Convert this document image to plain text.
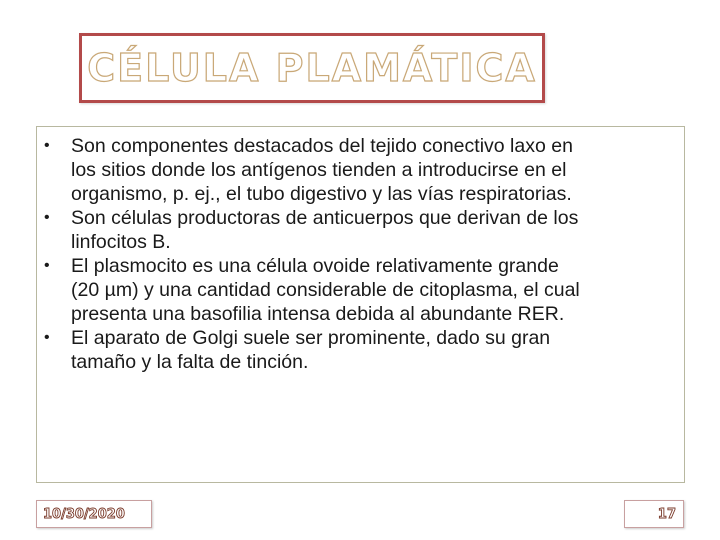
CÉLULA PLAMÁTICA
• Son componentes destacados del tejido conectivo laxo en
los sitios donde los antígenos tienden a introducirse en el
organismo, p. ej., el tubo digestivo y las vías respiratorias.
• Son células productoras de anticuerpos que derivan de los
linfocitos B.
• El plasmocito es una célula ovoide relativamente grande
(20 µm) y una cantidad considerable de citoplasma, el cual
presenta una basofilia intensa debida al abundante RER.
• El aparato de Golgi suele ser prominente, dado su gran
tamaño y la falta de tinción.
10/30/2020	17
